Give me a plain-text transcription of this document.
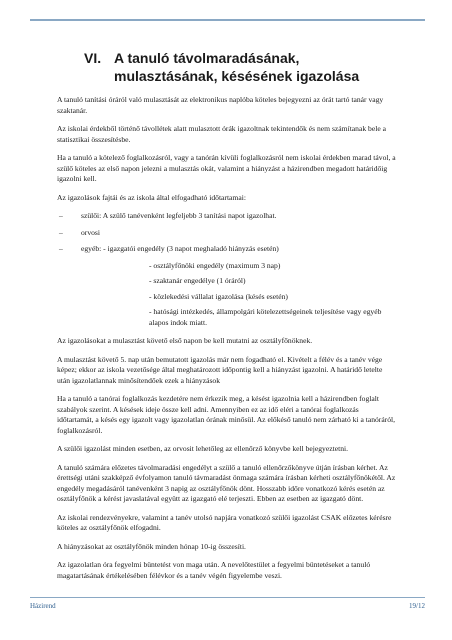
VI. A tanuló távolmaradásának, mulasztásának, késésének igazolása

A tanuló tanítási óráról való mulasztását az elektronikus naplóba köteles bejegyezni az órát tartó tanár vagy szaktanár.

Az iskolai érdekből történő távollétek alatt mulasztott órák igazoltnak tekintendők és nem számítanak bele a statisztikai összesítésbe.

Ha a tanuló a kötelező foglalkozásról, vagy a tanórán kívüli foglalkozásról nem iskolai érdekben marad távol, a szülő köteles az első napon jelezni a mulasztás okát, valamint a hiányzást a házirendben megadott határidőig igazolni kell.

Az igazolások fajtái és az iskola által elfogadható időtartamai:

– szülői: A szülő tanévenként legfeljebb 3 tanítási napot igazolhat.
– orvosi
– egyéb: - igazgatói engedély (3 napot meghaladó hiányzás esetén)
- osztályfőnöki engedély (maximum 3 nap)
- szaktanár engedélye (1 óráról)
- közlekedési vállalat igazolása (késés esetén)
- hatósági intézkedés, állampolgári kötelezettségeinek teljesítése vagy egyéb alapos indok miatt.

Az igazolásokat a mulasztást követő első napon be kell mutatni az osztályfőnöknek.

A mulasztást követő 5. nap után bemutatott igazolás már nem fogadható el. Kivételt a félév és a tanév vége képez; ekkor az iskola vezetősége által meghatározott időpontig kell a hiányzást igazolni. A határidő letelte után igazolatlannak minősítendőek ezek a hiányzások

Ha a tanuló a tanórai foglalkozás kezdetére nem érkezik meg, a késést igazolnia kell a házirendben foglalt szabályok szerint. A késések ideje össze kell adni. Amennyiben ez az idő eléri a tanórai foglalkozás időtartamát, a késés egy igazolt vagy igazolatlan órának minősül. Az előkéső tanuló nem zárható ki a tanóráról, foglalkozásról.

A szülői igazolást minden esetben, az orvosit lehetőleg az ellenőrző könyvbe kell bejegyeztetni.

A tanuló számára előzetes távolmaradási engedélyt a szülő a tanuló ellenőrzőkönyve útján írásban kérhet. Az érettségi utáni szakképző évfolyamon tanuló távmaradást önmaga számára írásban kérheti osztályfőnökétől. Az engedély megadásáról tanévenként 3 napig az osztályfőnök dönt. Hosszabb időre vonatkozó kérés esetén az osztályfőnök a kérést javaslatával együtt az igazgató elé terjeszti. Ebben az esetben az igazgató dönt.

Az iskolai rendezvényekre, valamint a tanév utolsó napjára vonatkozó szülői igazolást CSAK előzetes kérésre köteles az osztályfőnök elfogadni.

A hiányzásokat az osztályfőnök minden hónap 10-ig összesíti.

Az igazolatlan óra fegyelmi büntetést von maga után. A nevelőtestület a fegyelmi büntetéseket a tanuló magatartásának értékelésében félévkor és a tanév végén figyelembe veszi.

Házirend	19/12
